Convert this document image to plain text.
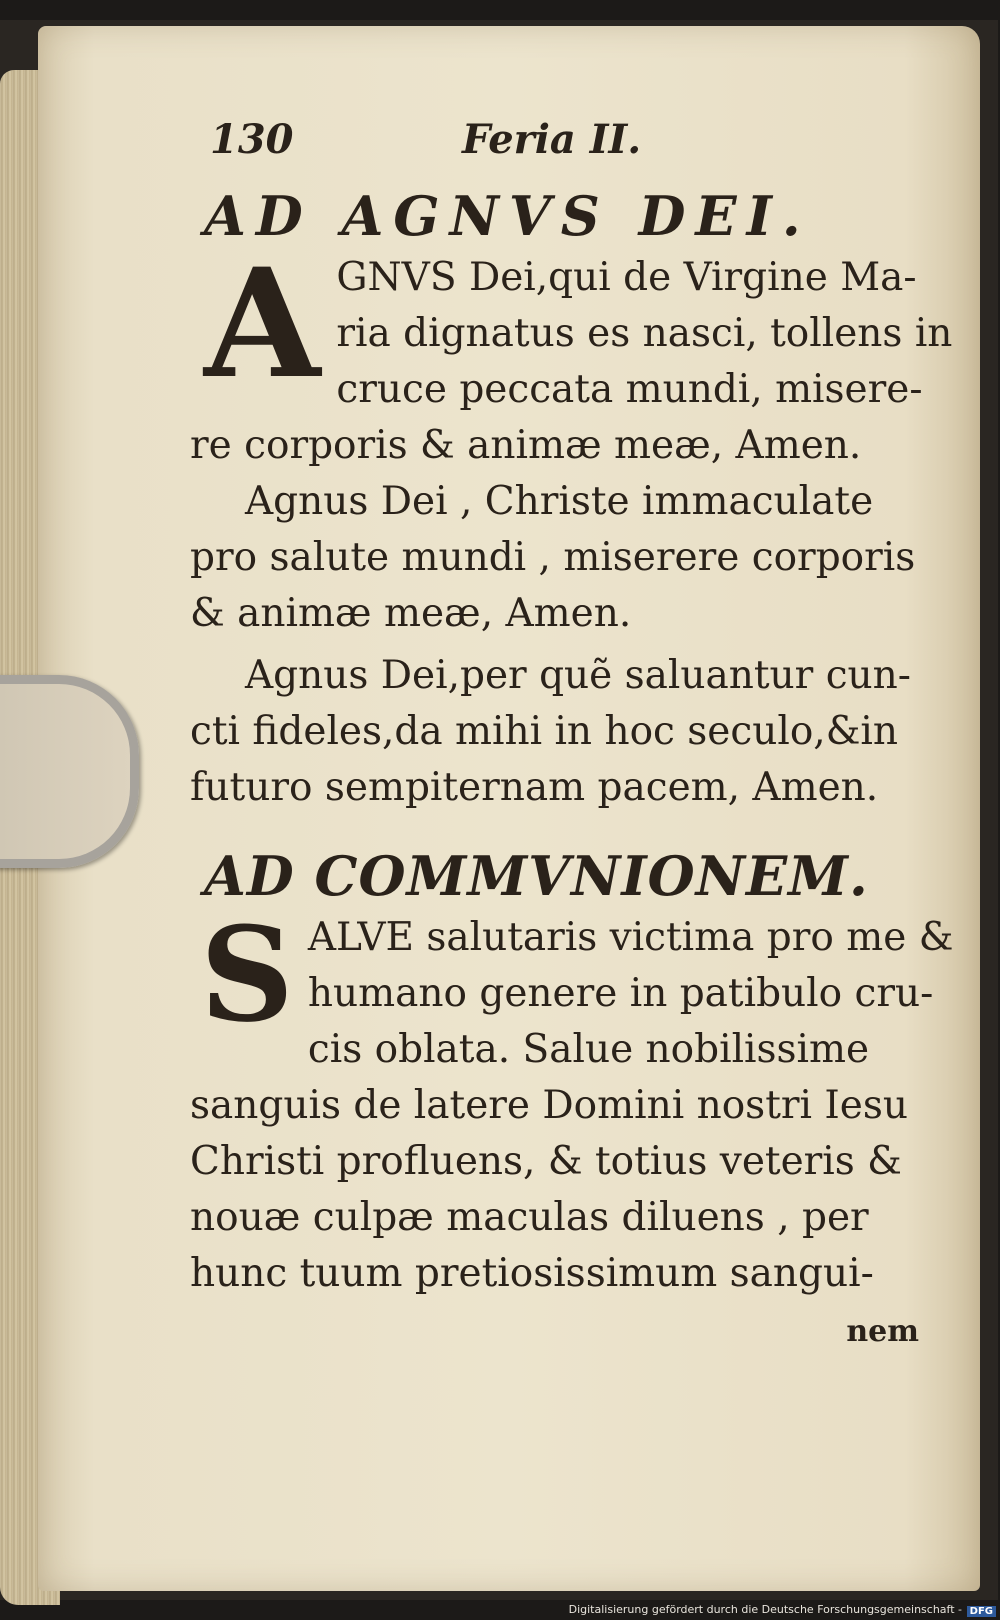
130	Feria II.
AD AGNVS DEI.
A GNVS Dei,qui de Virgine Ma-
ria dignatus es nasci, tollens in
cruce peccata mundi, misere-
re corporis & animæ meæ, Amen.
Agnus Dei , Christe immaculate
pro salute mundi , miserere corporis
& animæ meæ, Amen.
Agnus Dei,per quẽ saluantur cun-
cti fideles,da mihi in hoc seculo,&in
futuro sempiternam pacem, Amen.
AD COMMVNIONEM.
S ALVE salutaris victima pro me &
humano genere in patibulo cru-
cis oblata. Salue nobilissime
sanguis de latere Domini nostri Iesu
Christi profluens, & totius veteris &
nouæ culpæ maculas diluens , per
hunc tuum pretiosissimum sangui-
nem
Digitalisierung gefördert durch die Deutsche Forschungsgemeinschaft - DFG
